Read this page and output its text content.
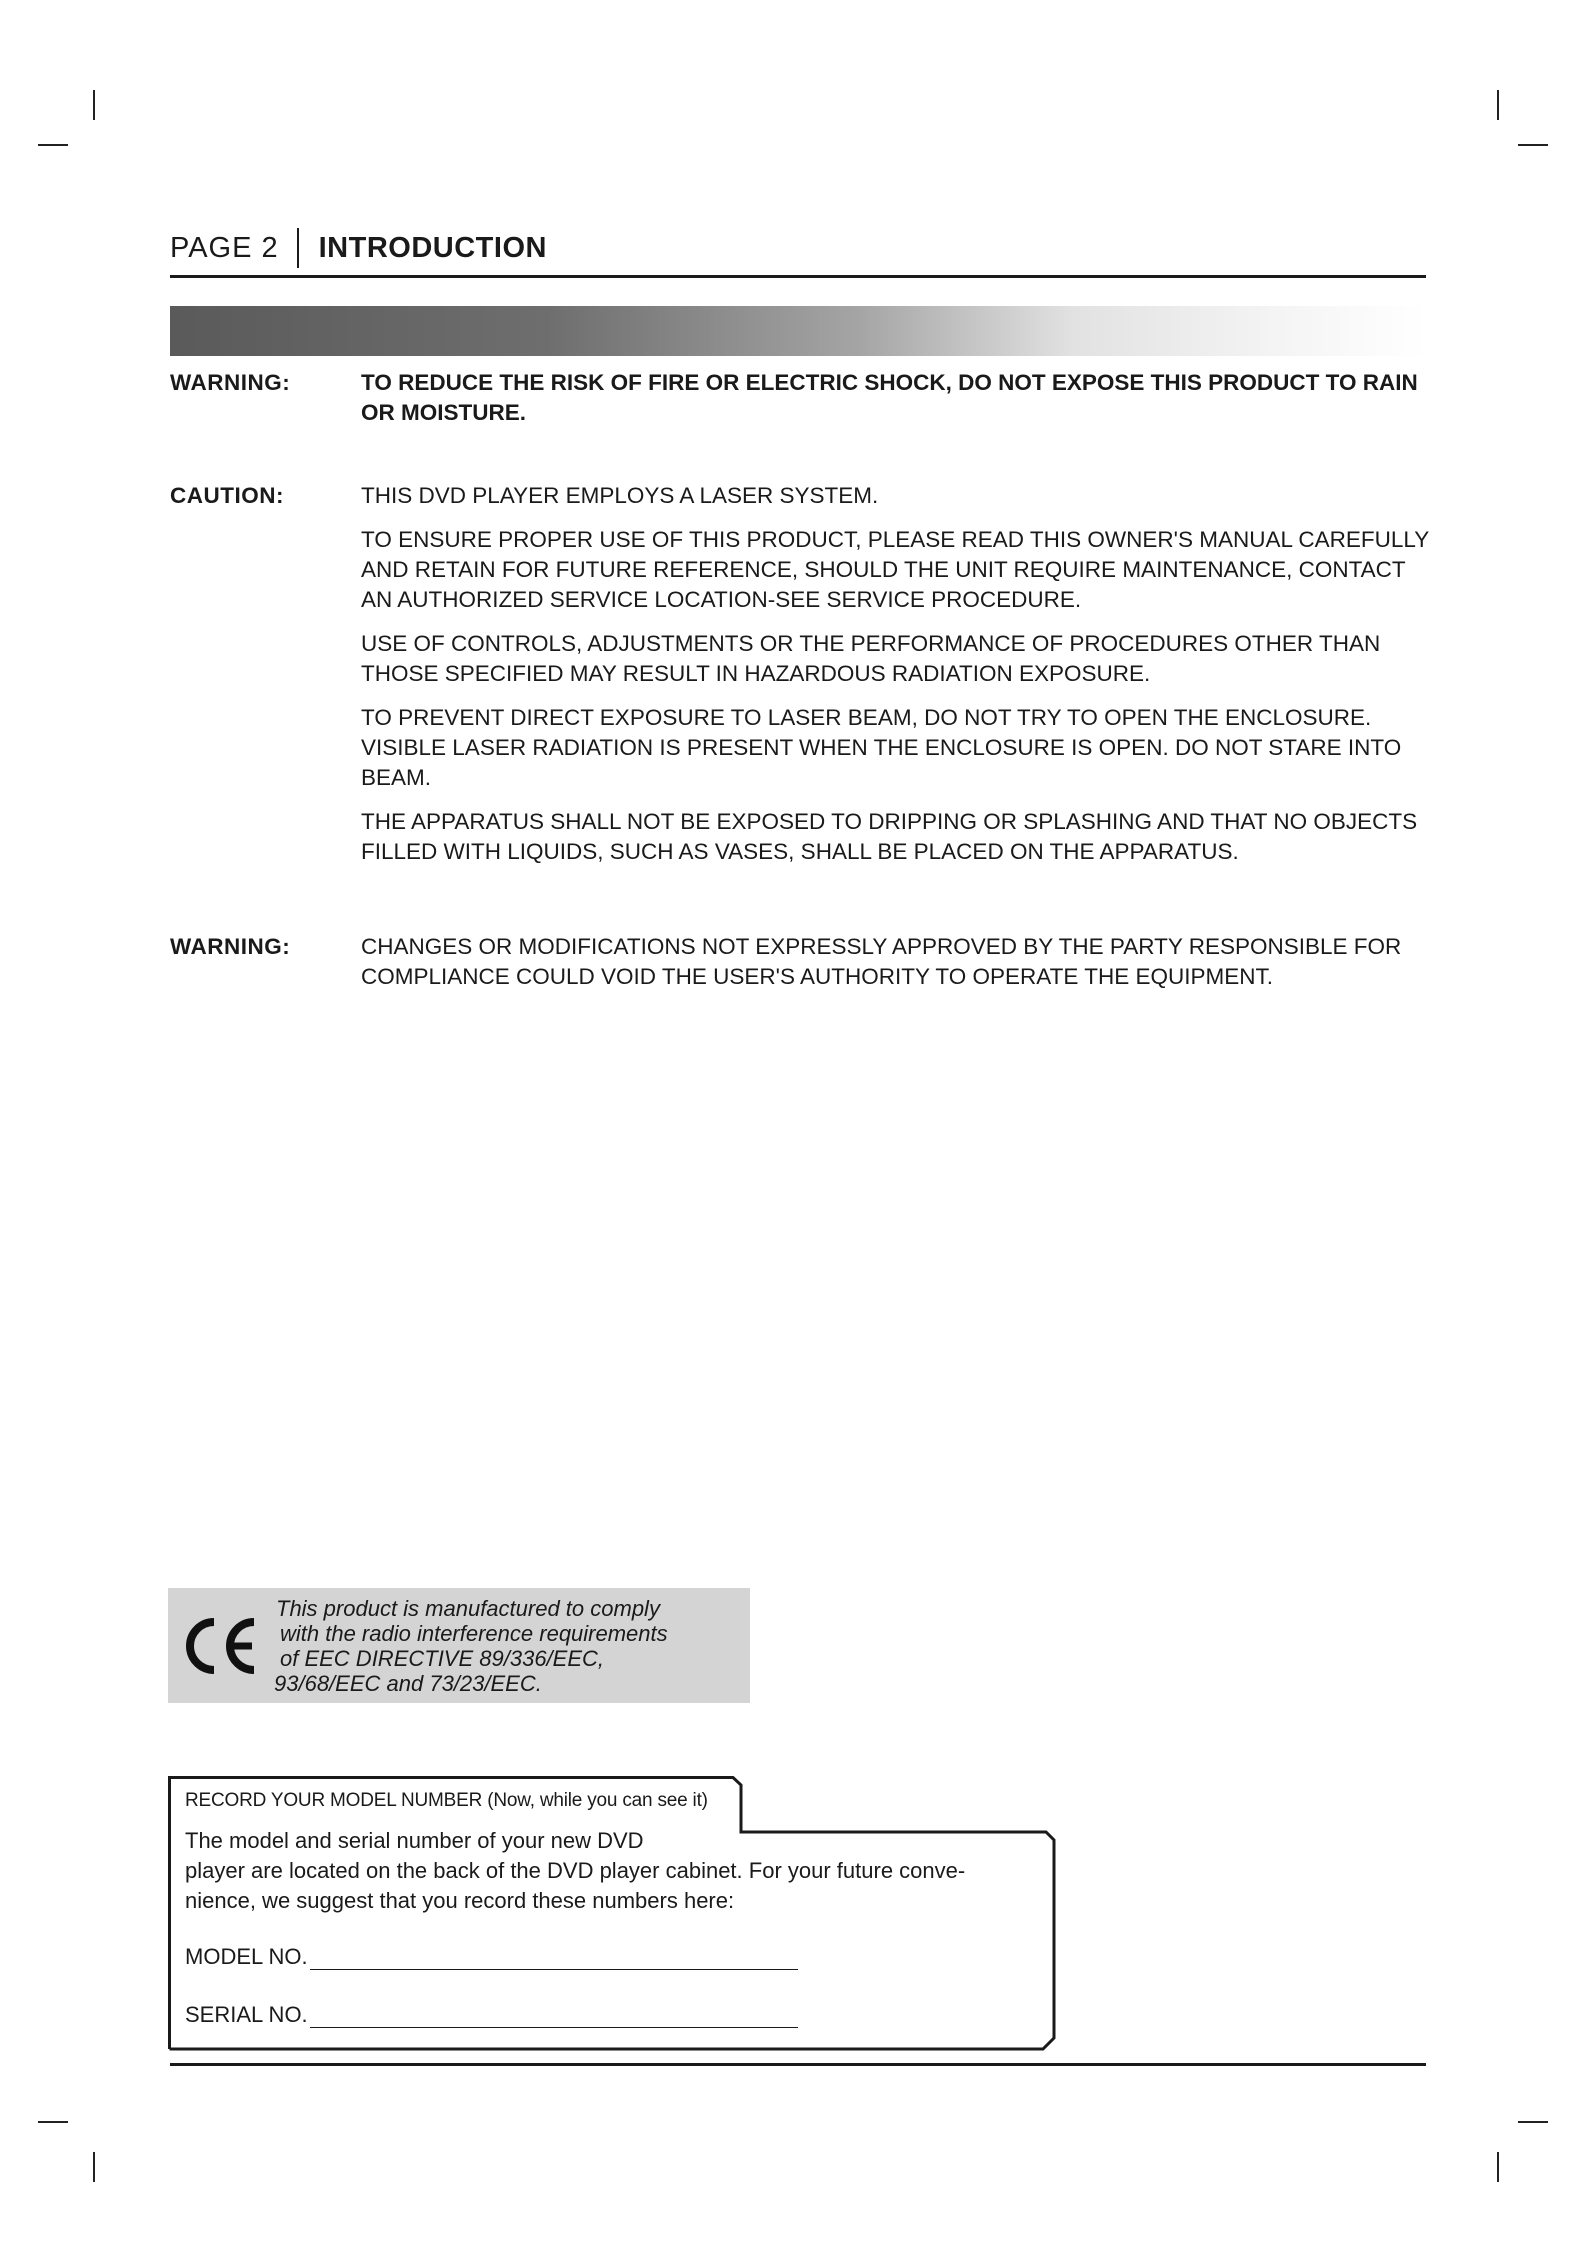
PAGE 2 INTRODUCTION
WARNING:	TO REDUCE THE RISK OF FIRE OR ELECTRIC SHOCK, DO NOT EXPOSE THIS PRODUCT TO RAIN OR MOISTURE.

CAUTION:	THIS DVD PLAYER EMPLOYS A LASER SYSTEM.

TO ENSURE PROPER USE OF THIS PRODUCT, PLEASE READ THIS OWNER'S MANUAL CAREFULLY AND RETAIN FOR FUTURE REFERENCE, SHOULD THE UNIT REQUIRE MAINTENANCE, CONTACT AN AUTHORIZED SERVICE LOCATION-SEE SERVICE PROCEDURE.

USE OF CONTROLS, ADJUSTMENTS OR THE PERFORMANCE OF PROCEDURES OTHER THAN THOSE SPECIFIED MAY RESULT IN HAZARDOUS RADIATION EXPOSURE.

TO PREVENT DIRECT EXPOSURE TO LASER BEAM, DO NOT TRY TO OPEN THE ENCLOSURE. VISIBLE LASER RADIATION IS PRESENT WHEN THE ENCLOSURE IS OPEN. DO NOT STARE INTO BEAM.

THE APPARATUS SHALL NOT BE EXPOSED TO DRIPPING OR SPLASHING AND THAT NO OBJECTS FILLED WITH LIQUIDS, SUCH AS VASES, SHALL BE PLACED ON THE APPARATUS.

WARNING:	CHANGES OR MODIFICATIONS NOT EXPRESSLY APPROVED BY THE PARTY RESPONSIBLE FOR COMPLIANCE COULD VOID THE USER'S AUTHORITY TO OPERATE THE EQUIPMENT.

This product is manufactured to comply
with the radio interference requirements
of EEC DIRECTIVE 89/336/EEC,
93/68/EEC and 73/23/EEC.
RECORD YOUR MODEL NUMBER (Now, while you can see it)

The model and serial number of your new DVD

player are located on the back of the DVD player cabinet. For your future conve-

nience, we suggest that you record these numbers here:

MODEL NO.
SERIAL NO.
